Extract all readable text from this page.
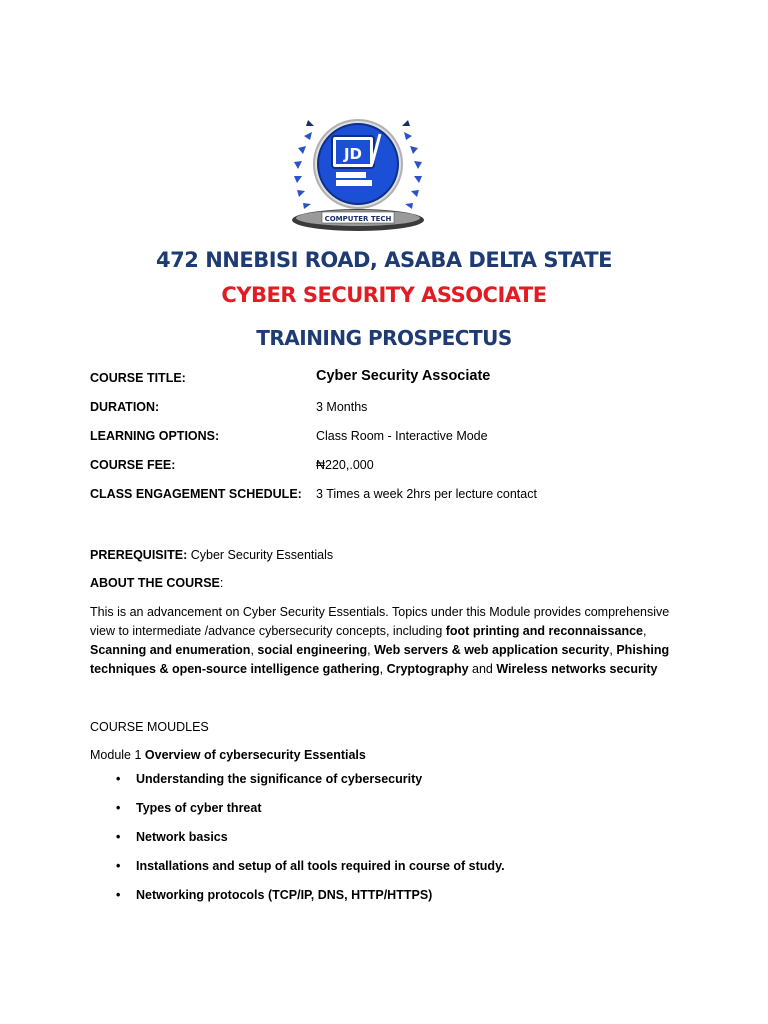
JD
COMPUTER TECH
472 NNEBISI ROAD, ASABA DELTA STATE
CYBER SECURITY ASSOCIATE
TRAINING PROSPECTUS
COURSE TITLE:	Cyber Security Associate
DURATION:	3 Months
LEARNING OPTIONS:	Class Room - Interactive Mode
COURSE FEE:	₦220,.000
CLASS ENGAGEMENT SCHEDULE: 3 Times a week 2hrs per lecture contact
PREREQUISITE: Cyber Security Essentials
ABOUT THE COURSE:
This is an advancement on Cyber Security Essentials. Topics under this Module provides comprehensive view to intermediate /advance cybersecurity concepts, including foot printing and reconnaissance, Scanning and enumeration, social engineering, Web servers & web application security, Phishing techniques & open-source intelligence gathering, Cryptography and Wireless networks security
COURSE MOUDLES
Module 1 Overview of cybersecurity Essentials
• Understanding the significance of cybersecurity
• Types of cyber threat
• Network basics
• Installations and setup of all tools required in course of study.
• Networking protocols (TCP/IP, DNS, HTTP/HTTPS)
